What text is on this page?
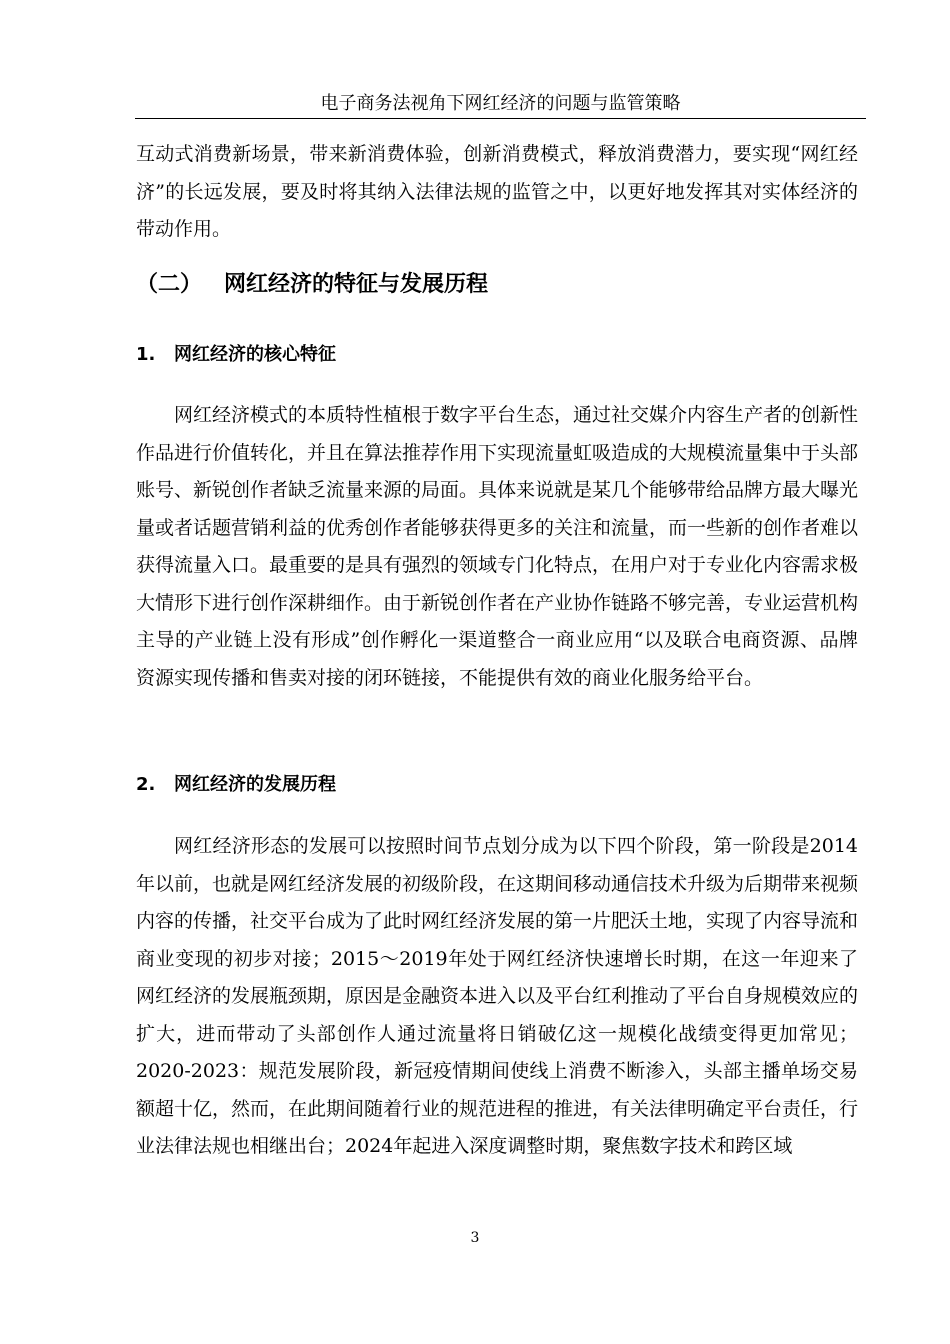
电子商务法视角下网红经济的问题与监管策略

互动式消费新场景，带来新消费体验，创新消费模式，释放消费潜力，要实现“网红经济”的长远发展，要及时将其纳入法律法规的监管之中，以更好地发挥其对实体经济的带动作用。

（二） 网红经济的特征与发展历程
1. 网红经济的核心特征

网红经济模式的本质特性植根于数字平台生态，通过社交媒介内容生产者的创新性作品进行价值转化，并且在算法推荐作用下实现流量虹吸造成的大规模流量集中于头部账号、新锐创作者缺乏流量来源的局面。具体来说就是某几个能够带给品牌方最大曝光量或者话题营销利益的优秀创作者能够获得更多的关注和流量，而一些新的创作者难以获得流量入口。最重要的是具有强烈的领域专门化特点，在用户对于专业化内容需求极大情形下进行创作深耕细作。由于新锐创作者在产业协作链路不够完善，专业运营机构主导的产业链上没有形成”创作孵化一渠道整合一商业应用“以及联合电商资源、品牌资源实现传播和售卖对接的闭环链接，不能提供有效的商业化服务给平台。

2. 网红经济的发展历程

网红经济形态的发展可以按照时间节点划分成为以下四个阶段，第一阶段是2014年以前，也就是网红经济发展的初级阶段，在这期间移动通信技术升级为后期带来视频内容的传播，社交平台成为了此时网红经济发展的第一片肥沃土地，实现了内容导流和商业变现的初步对接；2015～2019年处于网红经济快速增长时期，在这一年迎来了网红经济的发展瓶颈期，原因是金融资本进入以及平台红利推动了平台自身规模效应的扩大，进而带动了头部创作人通过流量将日销破亿这一规模化战绩变得更加常见；2020-2023：规范发展阶段，新冠疫情期间使线上消费不断渗入，头部主播单场交易额超十亿，然而，在此期间随着行业的规范进程的推进，有关法律明确定平台责任，行业法律法规也相继出台；2024年起进入深度调整时期，聚焦数字技术和跨区域

3
